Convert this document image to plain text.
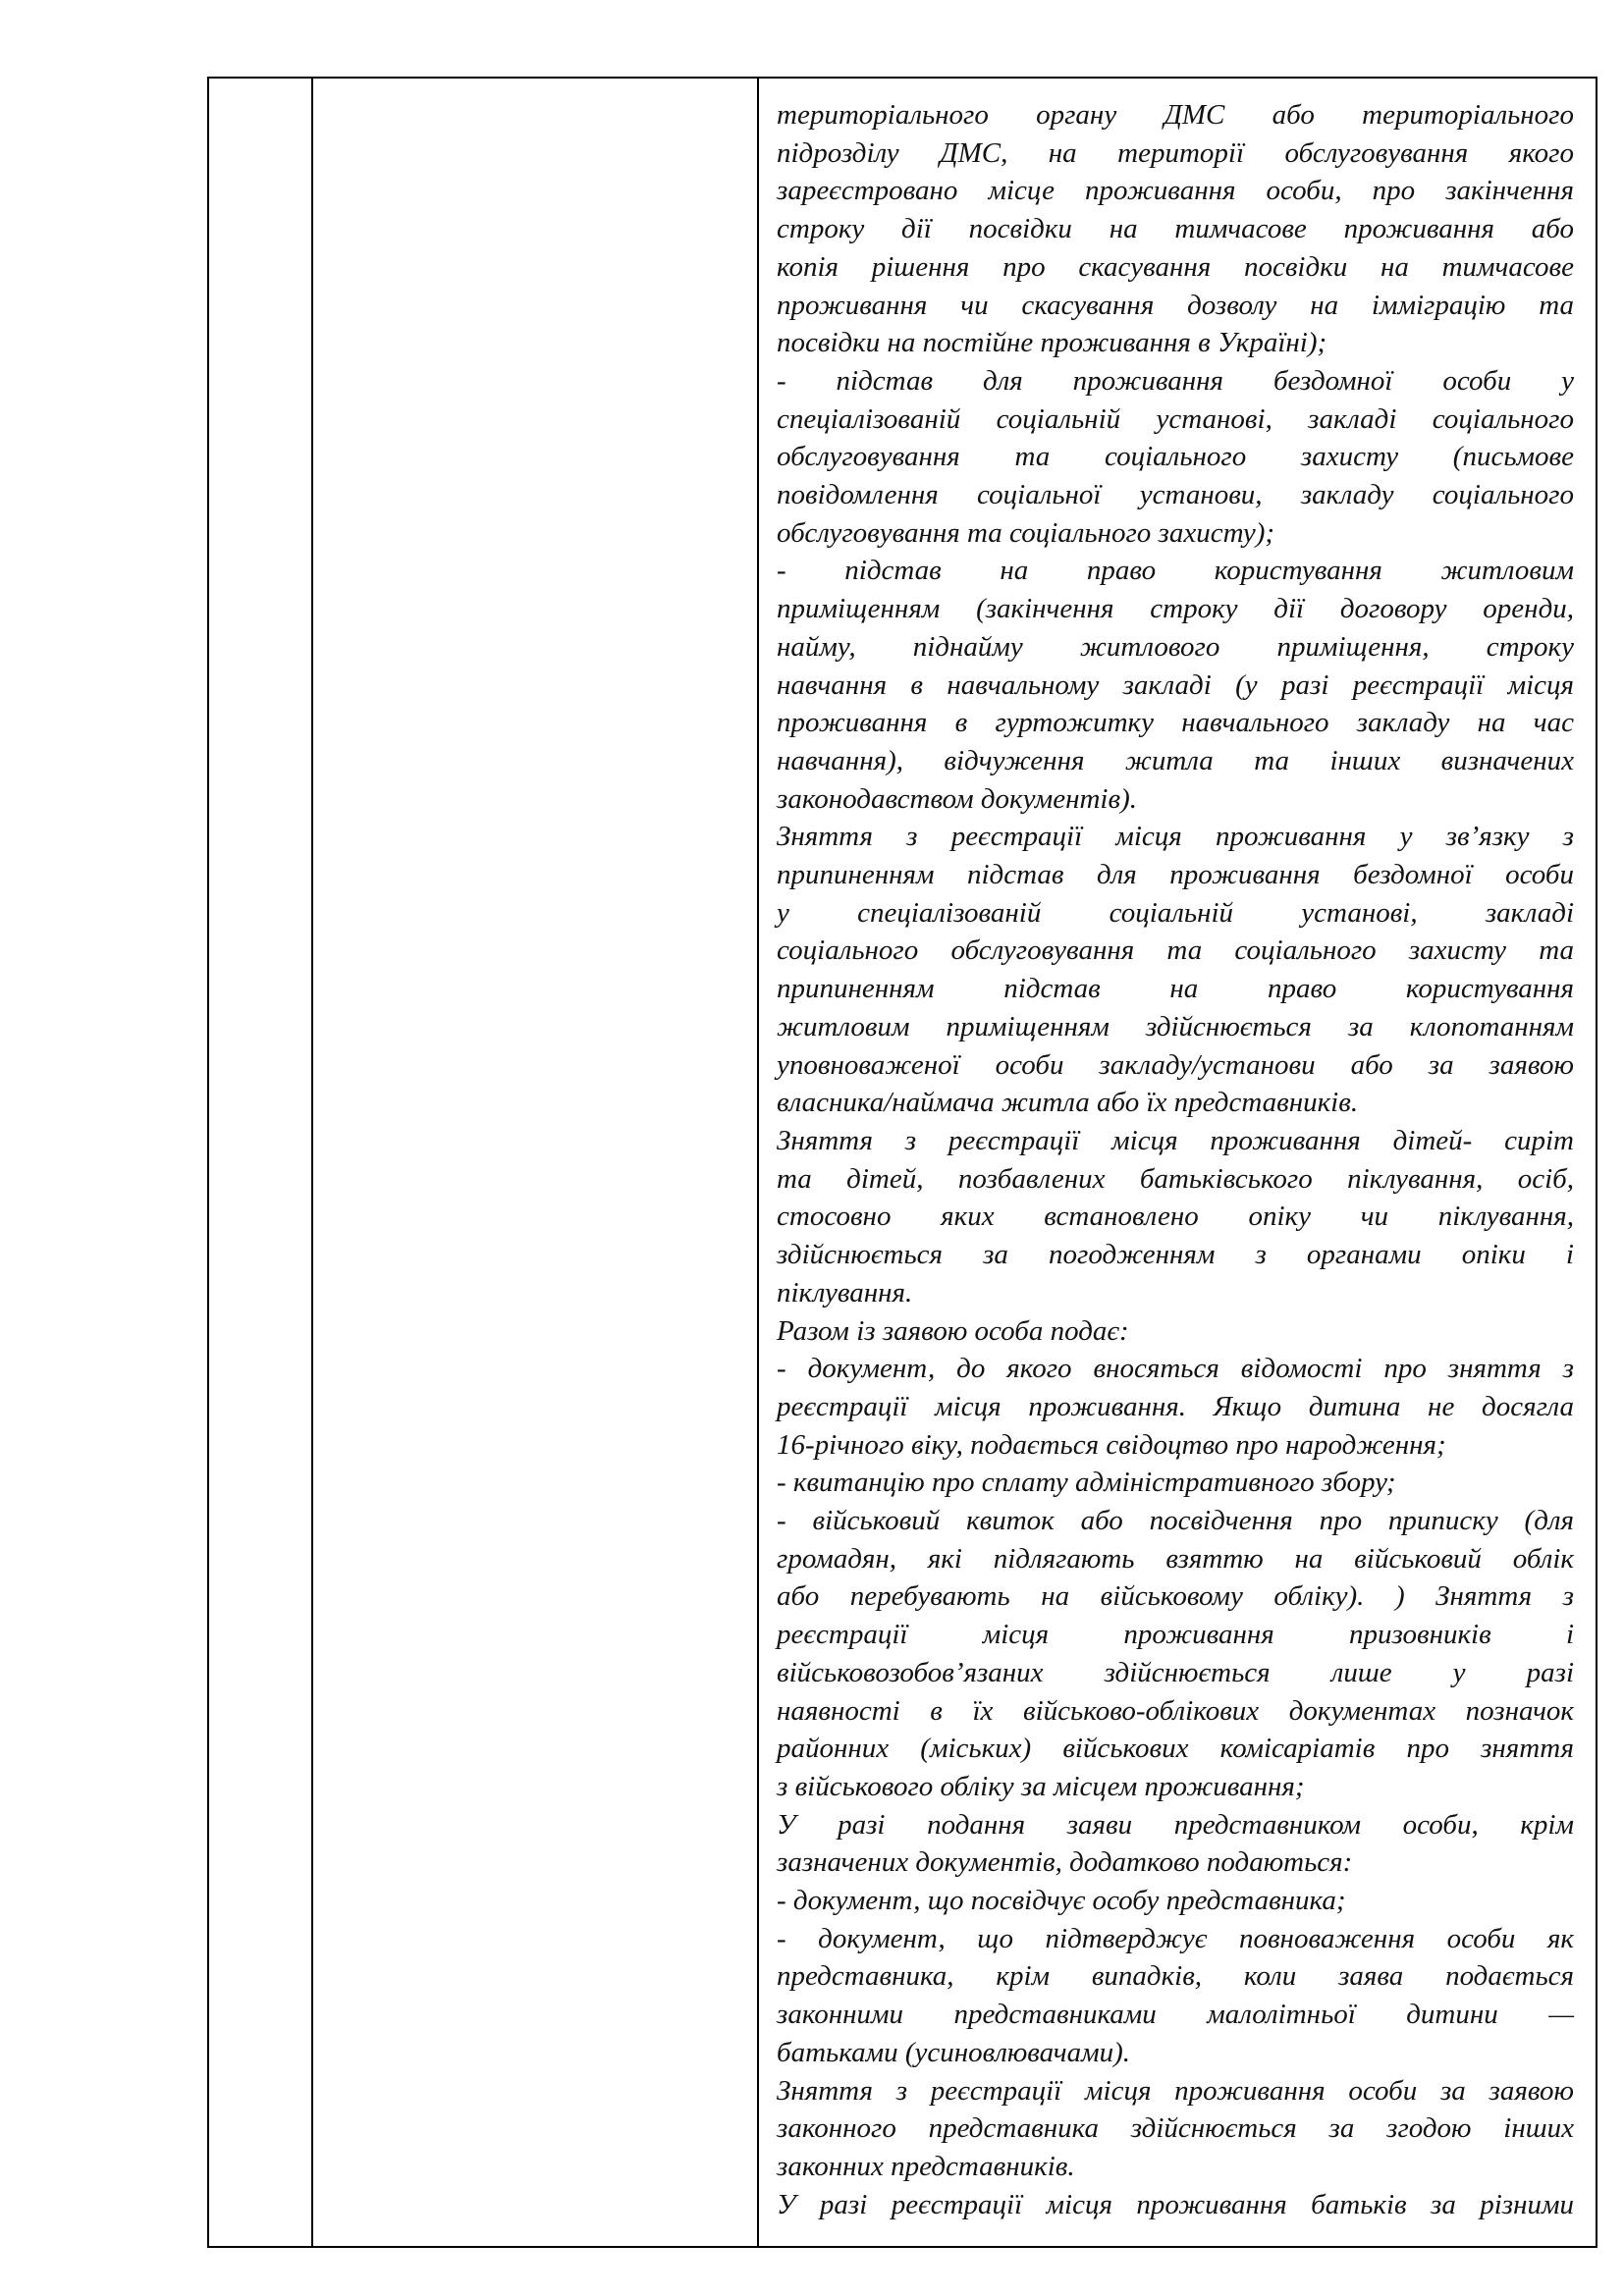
територіального органу ДМС або територіального
підрозділу ДМС, на території обслуговування якого
зареєстровано місце проживання особи, про закінчення
строку дії посвідки на тимчасове проживання або
копія рішення про скасування посвідки на тимчасове
проживання чи скасування дозволу на імміграцію та
посвідки на постійне проживання в Україні);
- підстав для проживання бездомної особи у
спеціалізованій соціальній установі, закладі соціального
обслуговування та соціального захисту (письмове
повідомлення соціальної установи, закладу соціального
обслуговування та соціального захисту);
- підстав на право користування житловим
приміщенням (закінчення строку дії договору оренди,
найму, піднайму житлового приміщення, строку
навчання в навчальному закладі (у разі реєстрації місця
проживання в гуртожитку навчального закладу на час
навчання), відчуження житла та інших визначених
законодавством документів).
Зняття з реєстрації місця проживання у зв’язку з
припиненням підстав для проживання бездомної особи
у спеціалізованій соціальній установі, закладі
соціального обслуговування та соціального захисту та
припиненням підстав на право користування
житловим приміщенням здійснюється за клопотанням
уповноваженої особи закладу/установи або за заявою
власника/наймача житла або їх представників.
Зняття з реєстрації місця проживання дітей- сиріт
та дітей, позбавлених батьківського піклування, осіб,
стосовно яких встановлено опіку чи піклування,
здійснюється за погодженням з органами опіки і
піклування.
Разом із заявою особа подає:
- документ, до якого вносяться відомості про зняття з
реєстрації місця проживання. Якщо дитина не досягла
16-річного віку, подається свідоцтво про народження;
- квитанцію про сплату адміністративного збору;
- військовий квиток або посвідчення про приписку (для
громадян, які підлягають взяттю на військовий облік
або перебувають на військовому обліку). ) Зняття з
реєстрації місця проживання призовників і
військовозобов’язаних здійснюється лише у разі
наявності в їх військово-облікових документах позначок
районних (міських) військових комісаріатів про зняття
з військового обліку за місцем проживання;
У разі подання заяви представником особи, крім
зазначених документів, додатково подаються:
- документ, що посвідчує особу представника;
- документ, що підтверджує повноваження особи як
представника, крім випадків, коли заява подається
законними представниками малолітньої дитини —
батьками (усиновлювачами).
Зняття з реєстрації місця проживання особи за заявою
законного представника здійснюється за згодою інших
законних представників.
У разі реєстрації місця проживання батьків за різними
